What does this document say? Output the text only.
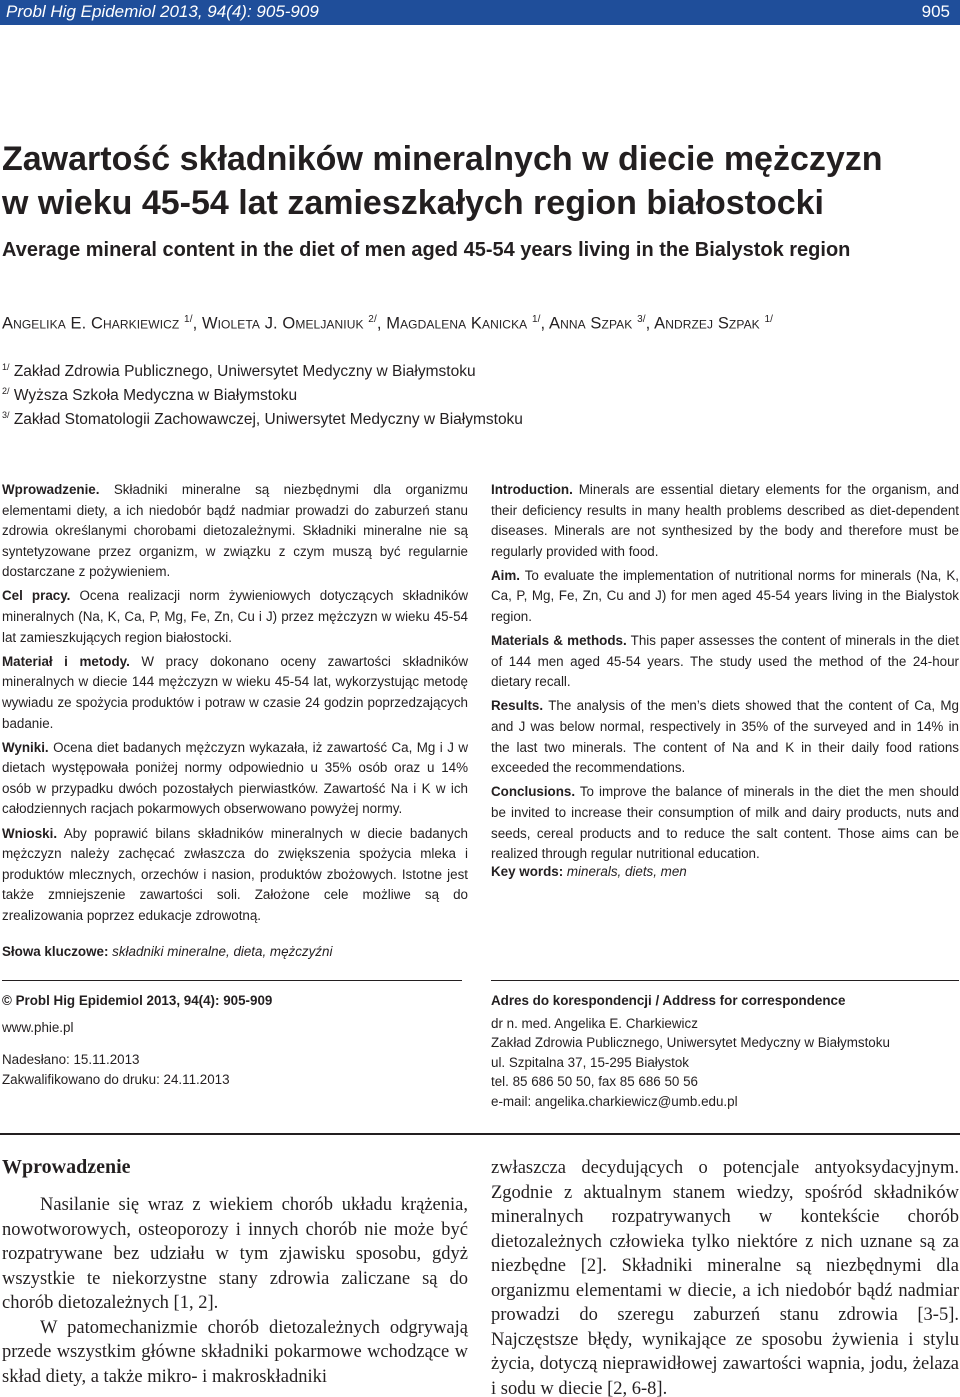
Probl Hig Epidemiol 2013, 94(4): 905-909	905
Zawartość składników mineralnych w diecie mężczyzn
w wieku 45-54 lat zamieszkałych region białostocki
Average mineral content in the diet of men aged 45-54 years living in the Bialystok region
Angelika E. Charkiewicz $^{1/}$, Wioleta J. Omeljaniuk $^{2/}$, Magdalena Kanicka $^{1/}$, Anna Szpak $^{3/}$, Andrzej Szpak $^{1/}$
$^{1/}$ Zakład Zdrowia Publicznego, Uniwersytet Medyczny w Białymstoku
$^{2/}$ Wyższa Szkoła Medyczna w Białymstoku
$^{3/}$ Zakład Stomatologii Zachowawczej, Uniwersytet Medyczny w Białymstoku

Wprowadzenie. Składniki mineralne są niezbędnymi dla organizmu elementami diety, a ich niedobór bądź nadmiar prowadzi do zaburzeń stanu zdrowia określanymi chorobami dietozależnymi. Składniki mineralne nie są syntetyzowane przez organizm, w związku z czym muszą być regularnie dostarczane z pożywieniem.

Cel pracy. Ocena realizacji norm żywieniowych dotyczących składników mineralnych (Na, K, Ca, P, Mg, Fe, Zn, Cu i J) przez mężczyzn w wieku 45-54 lat zamieszkujących region białostocki.

Materiał i metody. W pracy dokonano oceny zawartości składników mineralnych w diecie 144 mężczyzn w wieku 45-54 lat, wykorzystując metodę wywiadu ze spożycia produktów i potraw w czasie 24 godzin poprzedzających badanie.

Wyniki. Ocena diet badanych mężczyzn wykazała, iż zawartość Ca, Mg i J w dietach występowała poniżej normy odpowiednio u 35% osób oraz u 14% osób w przypadku dwóch pozostałych pierwiastków. Zawartość Na i K w ich całodziennych racjach pokarmowych obserwowano powyżej normy.

Wnioski. Aby poprawić bilans składników mineralnych w diecie badanych mężczyzn należy zachęcać zwłaszcza do zwiększenia spożycia mleka i produktów mlecznych, orzechów i nasion, produktów zbożowych. Istotne jest także zmniejszenie zawartości soli. Założone cele możliwe są do zrealizowania poprzez edukacje zdrowotną.

Słowa kluczowe: składniki mineralne, dieta, mężczyźni

Introduction. Minerals are essential dietary elements for the organism, and their deficiency results in many health problems described as diet-dependent diseases. Minerals are not synthesized by the body and therefore must be regularly provided with food.

Aim. To evaluate the implementation of nutritional norms for minerals (Na, K, Ca, P, Mg, Fe, Zn, Cu and J) for men aged 45-54 years living in the Bialystok region.

Materials & methods. This paper assesses the content of minerals in the diet of 144 men aged 45-54 years. The study used the method of the 24-hour dietary recall.

Results. The analysis of the men’s diets showed that the content of Ca, Mg and J was below normal, respectively in 35% of the surveyed and in 14% in the last two minerals. The content of Na and K in their daily food rations exceeded the recommendations.

Conclusions. To improve the balance of minerals in the diet the men should be invited to increase their consumption of milk and dairy products, nuts and seeds, cereal products and to reduce the salt content. Those aims can be realized through regular nutritional education.

Key words: minerals, diets, men
© Probl Hig Epidemiol 2013, 94(4): 905-909
www.phie.pl
Nadesłano: 15.11.2013
Zakwalifikowano do druku: 24.11.2013
Adres do korespondencji / Address for correspondence
dr n. med. Angelika E. Charkiewicz
Zakład Zdrowia Publicznego, Uniwersytet Medyczny w Białymstoku
ul. Szpitalna 37, 15-295 Białystok
tel. 85 686 50 50, fax 85 686 50 56
e-mail: angelika.charkiewicz@umb.edu.pl
Wprowadzenie

Nasilanie się wraz z wiekiem chorób układu krążenia, nowotworowych, osteoporozy i innych chorób nie może być rozpatrywane bez udziału w tym zjawisku sposobu, gdyż wszystkie te niekorzystne stany zdrowia zaliczane są do chorób dietozależnych [1, 2].

W patomechanizmie chorób dietozależnych odgrywają przede wszystkim główne składniki pokarmowe wchodzące w skład diety, a także mikro- i makroskładniki

zwłaszcza decydujących o potencjale antyoksydacyjnym. Zgodnie z aktualnym stanem wiedzy, spośród składników mineralnych rozpatrywanych w kontekście chorób dietozależnych człowieka tylko niektóre z nich uznane są za niezbędne [2]. Składniki mineralne są niezbędnymi dla organizmu elementami w diecie, a ich niedobór bądź nadmiar prowadzi do szeregu zaburzeń stanu zdrowia [3-5]. Najczęstsze błędy, wynikające ze sposobu żywienia i stylu życia, dotyczą nieprawidłowej zawartości wapnia, jodu, żelaza i sodu w diecie [2, 6-8].
